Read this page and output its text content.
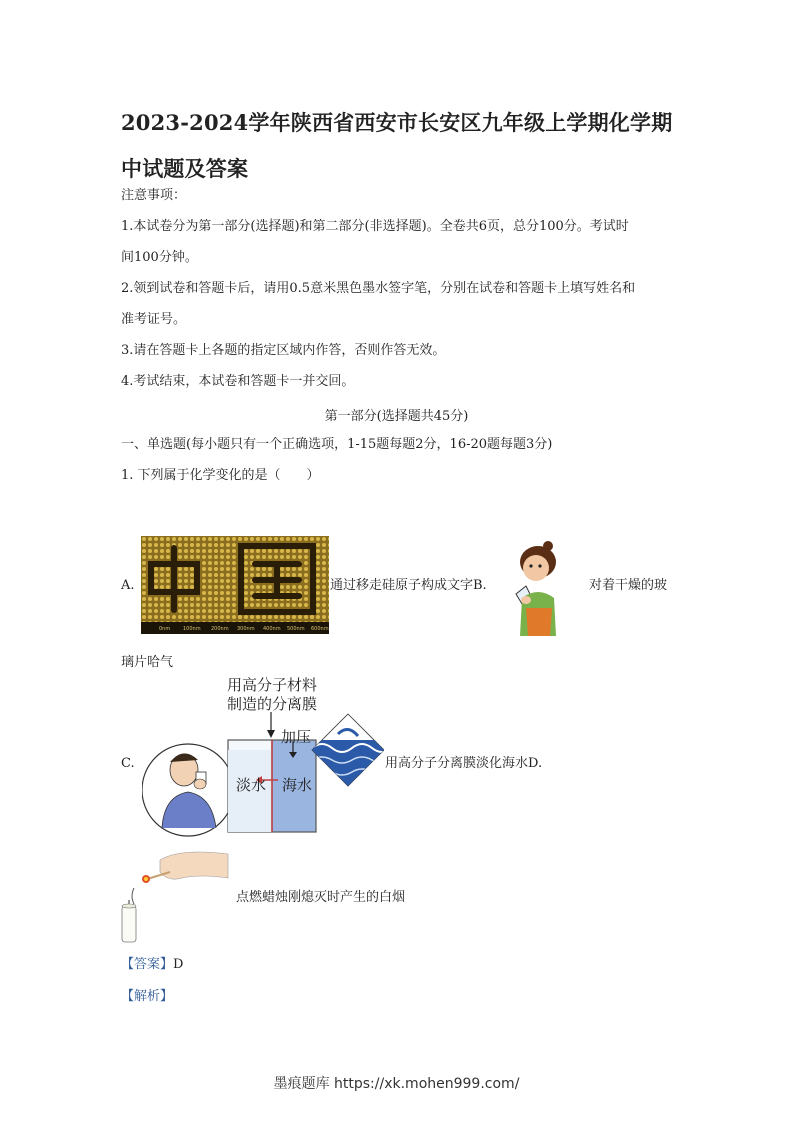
2023-2024学年陕西省西安市长安区九年级上学期化学期中试题及答案
注意事项：
1.本试卷分为第一部分(选择题)和第二部分(非选择题)。全卷共6页，总分100分。考试时
间100分钟。
2.领到试卷和答题卡后，请用0.5意米黑色墨水签字笔，分别在试卷和答题卡上填写姓名和
准考证号。
3.请在答题卡上各题的指定区域内作答，否则作答无效。
4.考试结束，本试卷和答题卡一并交回。
第一部分(选择题共45分)
一、单选题(每小题只有一个正确选项，1-15题每题2分，16-20题每题3分)
1. 下列属于化学变化的是（　　）
A.
0nm	100nm 200nm 300nm 400nm 500nm 600nm
通过移走硅原子构成文字B.	对着干燥的玻
璃片哈气
C.
用高分子材料
制造的分离膜
加压
淡水 海水
用高分子分离膜淡化海水D.
点燃蜡烛刚熄灭时产生的白烟
【答案】D
【解析】
墨痕题库 https://xk.mohen999.com/
